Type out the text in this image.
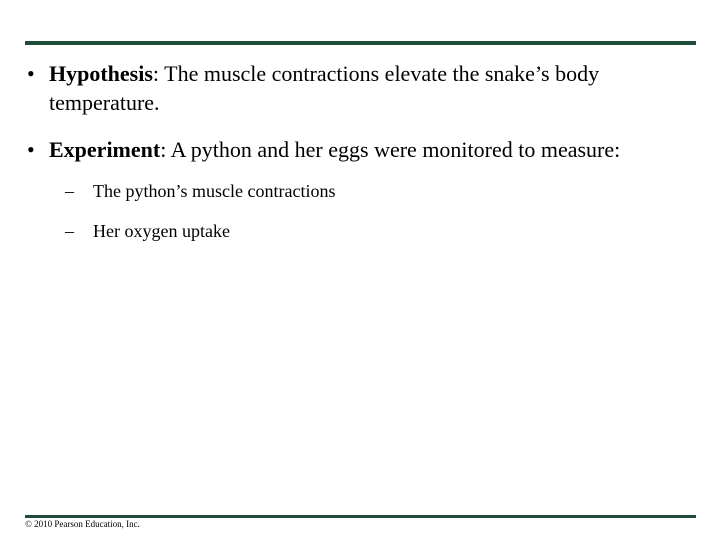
• Hypothesis: The muscle contractions elevate the snake’s body temperature.
• Experiment: A python and her eggs were monitored to measure:
– The python’s muscle contractions
– Her oxygen uptake
© 2010 Pearson Education, Inc.
